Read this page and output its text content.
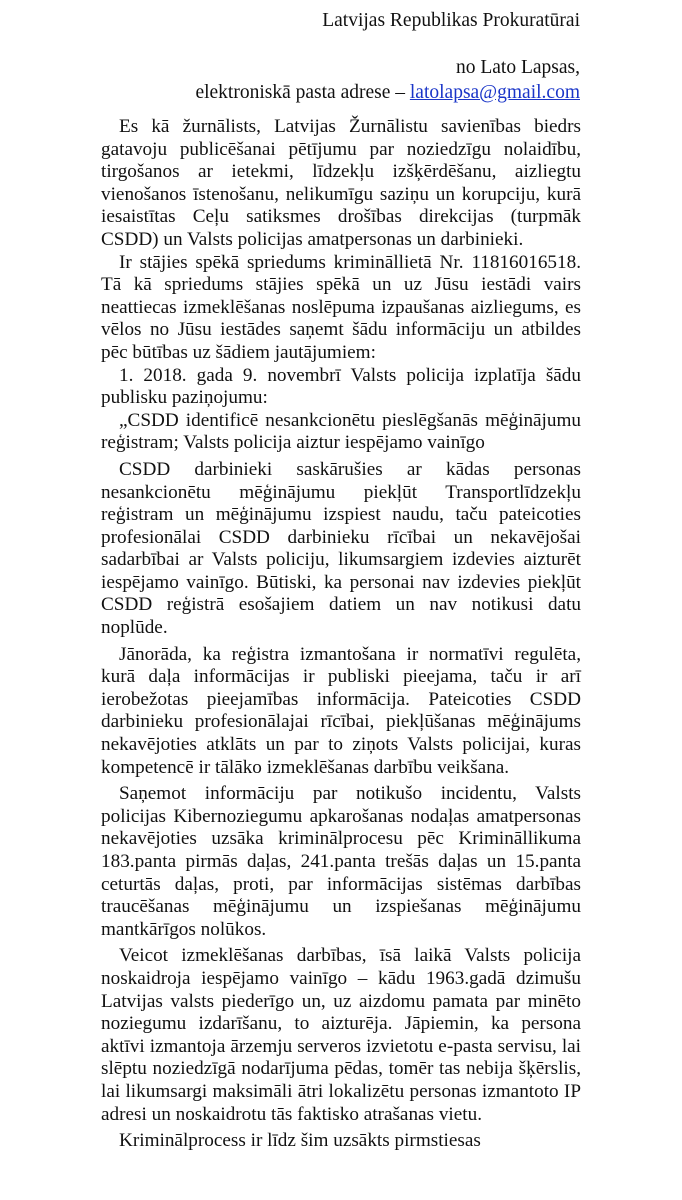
Latvijas Republikas Prokuratūrai
no Lato Lapsas,
elektroniskā pasta adrese – latolapsa@gmail.com

Es kā žurnālists, Latvijas Žurnālistu savienības biedrs gatavoju publicēšanai pētījumu par noziedzīgu nolaidību, tirgošanos ar ietekmi, līdzekļu izšķērdēšanu, aizliegtu vienošanos īstenošanu, nelikumīgu saziņu un korupciju, kurā iesaistītas Ceļu satiksmes drošības direkcijas (turpmāk CSDD) un Valsts policijas amatpersonas un darbinieki.

Ir stājies spēkā spriedums krimināllietā Nr. 11816016518. Tā kā spriedums stājies spēkā un uz Jūsu iestādi vairs neattiecas izmeklēšanas noslēpuma izpaušanas aizliegums, es vēlos no Jūsu iestādes saņemt šādu informāciju un atbildes pēc būtības uz šādiem jautājumiem:

1. 2018. gada 9. novembrī Valsts policija izplatīja šādu publisku paziņojumu:

„CSDD identificē nesankcionētu pieslēgšanās mēģinājumu reģistram; Valsts policija aiztur iespējamo vainīgo

CSDD darbinieki saskārušies ar kādas personas nesankcionētu mēģinājumu piekļūt Transportlīdzekļu reģistram un mēģinājumu izspiest naudu, taču pateicoties profesionālai CSDD darbinieku rīcībai un nekavējošai sadarbībai ar Valsts policiju, likumsargiem izdevies aizturēt iespējamo vainīgo. Būtiski, ka personai nav izdevies piekļūt CSDD reģistrā esošajiem datiem un nav notikusi datu noplūde.

Jānorāda, ka reģistra izmantošana ir normatīvi regulēta, kurā daļa informācijas ir publiski pieejama, taču ir arī ierobežotas pieejamības informācija. Pateicoties CSDD darbinieku profesionālajai rīcībai, piekļūšanas mēģinājums nekavējoties atklāts un par to ziņots Valsts policijai, kuras kompetencē ir tālāko izmeklēšanas darbību veikšana.

Saņemot informāciju par notikušo incidentu, Valsts policijas Kibernoziegumu apkarošanas nodaļas amatpersonas nekavējoties uzsāka kriminālprocesu pēc Krimināllikuma 183.panta pirmās daļas, 241.panta trešās daļas un 15.panta ceturtās daļas, proti, par informācijas sistēmas darbības traucēšanas mēģinājumu un izspiešanas mēģinājumu mantkārīgos nolūkos.

Veicot izmeklēšanas darbības, īsā laikā Valsts policija noskaidroja iespējamo vainīgo – kādu 1963.gadā dzimušu Latvijas valsts piederīgo un, uz aizdomu pamata par minēto noziegumu izdarīšanu, to aizturēja. Jāpiemin, ka persona aktīvi izmantoja ārzemju serveros izvietotu e-pasta servisu, lai slēptu noziedzīgā nodarījuma pēdas, tomēr tas nebija šķērslis, lai likumsargi maksimāli ātri lokalizētu personas izmantoto IP adresi un noskaidrotu tās faktisko atrašanas vietu.

Kriminālprocess ir līdz šim uzsākts pirmstiesas
